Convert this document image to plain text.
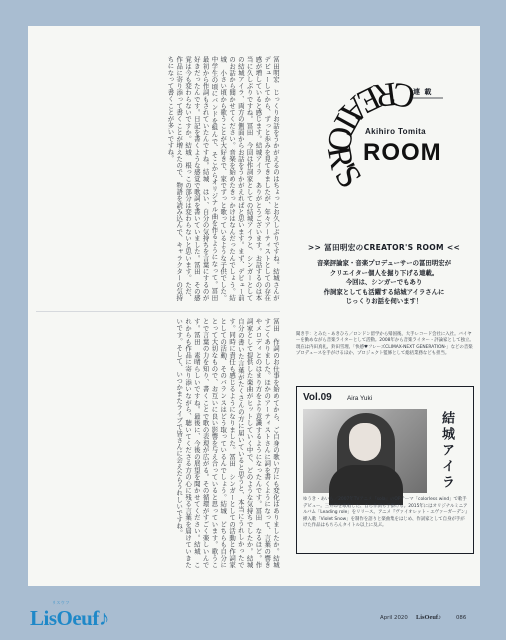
冨田明宏　じっくりお話をうかがえるのはちょっとお久しぶりですね。結城さんがデビューしてから、ずっと歩みを見てきましたが、年々アーティストとしての存在感が増していると感じます。結城アイラ　ありがとうございます。お話するのは本当に久しぶりですね。冨田　今回は作詞家としての結城アイラと、シンガーとしての結城アイラ、両方の側面からお話をうかがえればと思います。まず、デビュー前のお話から聞かせてください。音楽を始めたきっかけはなんだったんでしょう。結城　小さい頃から歌うことが大好きで、家でずっと歌っているような子供でした。中学生の頃にバンドを組んで、そこからオリジナル曲を作るようになって。冨田　最初から作詞もされていたんですね。結城　はい、自分の気持ちを言葉にするのが好きだったんです。日記を書くような感覚で歌詞を書いていました。冨田　その感覚は今も変わらないですか。結城　根っこの部分は変わらないと思います。ただ、作品に寄り添って書くことが増えたので、物語を読み込んで、キャラクターの気持ちになって書くことが多いですね。
冨田　作詞のお仕事を始めてから、ご自身の歌い方にも変化はありましたか。結城　すごくありました。ほかのアーティストさんに詞を書くようになって、言葉の響きやメロディとのはまり方をより意識するようになったんです。冨田　なるほど。作詞家として提供した楽曲がヒットしていく中で、どのような気持ちでしたか。結城　自分の書いた言葉がたくさんの方に届いていると思うと、本当にうれしかったです。同時に責任も感じるようになりました。冨田　シンガーとしての活動と作詞家としての活動、そのバランスはどう取っているんでしょう。結城　どちらも自分にとって大切なもので、お互いに良い影響を与え合っていると思っています。歌うことで言葉の力を知り、書くことで歌の表現が広がる。その循環がすごく楽しいんです。冨田　素晴らしいですね。最後に、今後の展望を聞かせてください。結城　これからも作品に寄り添いながら、聴いてくださる方の心に残る言葉を届けていきたいです。そして、いつかまたライブで皆さんに会えたらうれしいですね。
CREATOR'S
連 載
Akihiro Tomita
ROOM
>> 冨田明宏のCREATOR'S ROOM <<
音楽評論家・音楽プロデューサーの冨田明宏が
クリエイター個人を掘り下げる連載。
今回は、シンガーでもあり
作詞家としても活躍する結城アイラさんに
じっくりお話を伺います！
聞き手：とみた・あきひろ／ロンドン留学から帰国後、大手レコード会社に入社。バイヤーを勤めながら音楽ライターとして活動。2008年から音楽ライター・評論家として独立。現在は内田真礼、鈴田雪理、「快感♥フレーズCLIMAX-NEXT GENERATION-」などの音楽プロデュースを手がけるほか、プロジェクト監修として総括業務なども担当。
Vol.09 Aira Yuki
結城アイラ
ゆうき・あいら／2007年TVアニメ『sola』のOPテーマ「colorless wind」で歌手デビュー。三井印を歌唱した、自ら作詞も手掛ける。2015年にはオリジナルミニアルバム「Leading role」をリリース。アニメ『ヴァイオレット・エヴァーガーデン』挿入歌「Violet Snow」を制作を語りと楽曲集をはじめ、作詞家として自身が手がけた作品はもちろんタイトル以上に及ぶ。
リスウフ
LisOeuf♪	April 2020 LisOeuf♪	086
